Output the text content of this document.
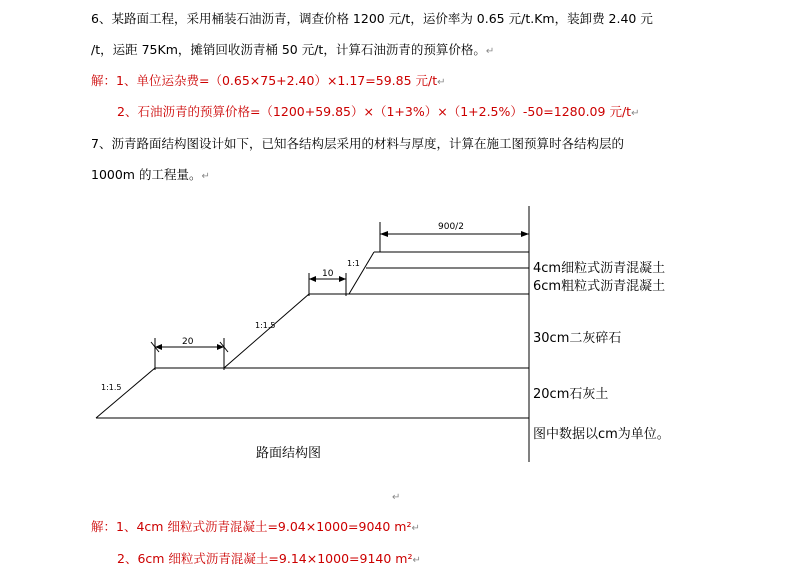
6、某路面工程，采用桶装石油沥青，调查价格 1200 元/t，运价率为 0.65 元/t.Km，装卸费 2.40 元
/t，运距 75Km，摊销回收沥青桶 50 元/t，计算石油沥青的预算价格。↵
解：1、单位运杂费=（0.65×75+2.40）×1.17=59.85 元/t↵
2、石油沥青的预算价格=（1200+59.85）×（1+3%）×（1+2.5%）-50=1280.09 元/t↵
7、沥青路面结构图设计如下，已知各结构层采用的材料与厚度，计算在施工图预算时各结构层的
1000m 的工程量。↵
900/2
10
1:1
20
1:1.5
1:1.5
4cm细粒式沥青混凝土
6cm粗粒式沥青混凝土
30cm二灰碎石
20cm石灰土
图中数据以cm为单位。
路面结构图
↵
解：1、4cm 细粒式沥青混凝土=9.04×1000=9040 m²↵
2、6cm 细粒式沥青混凝土=9.14×1000=9140 m²↵
